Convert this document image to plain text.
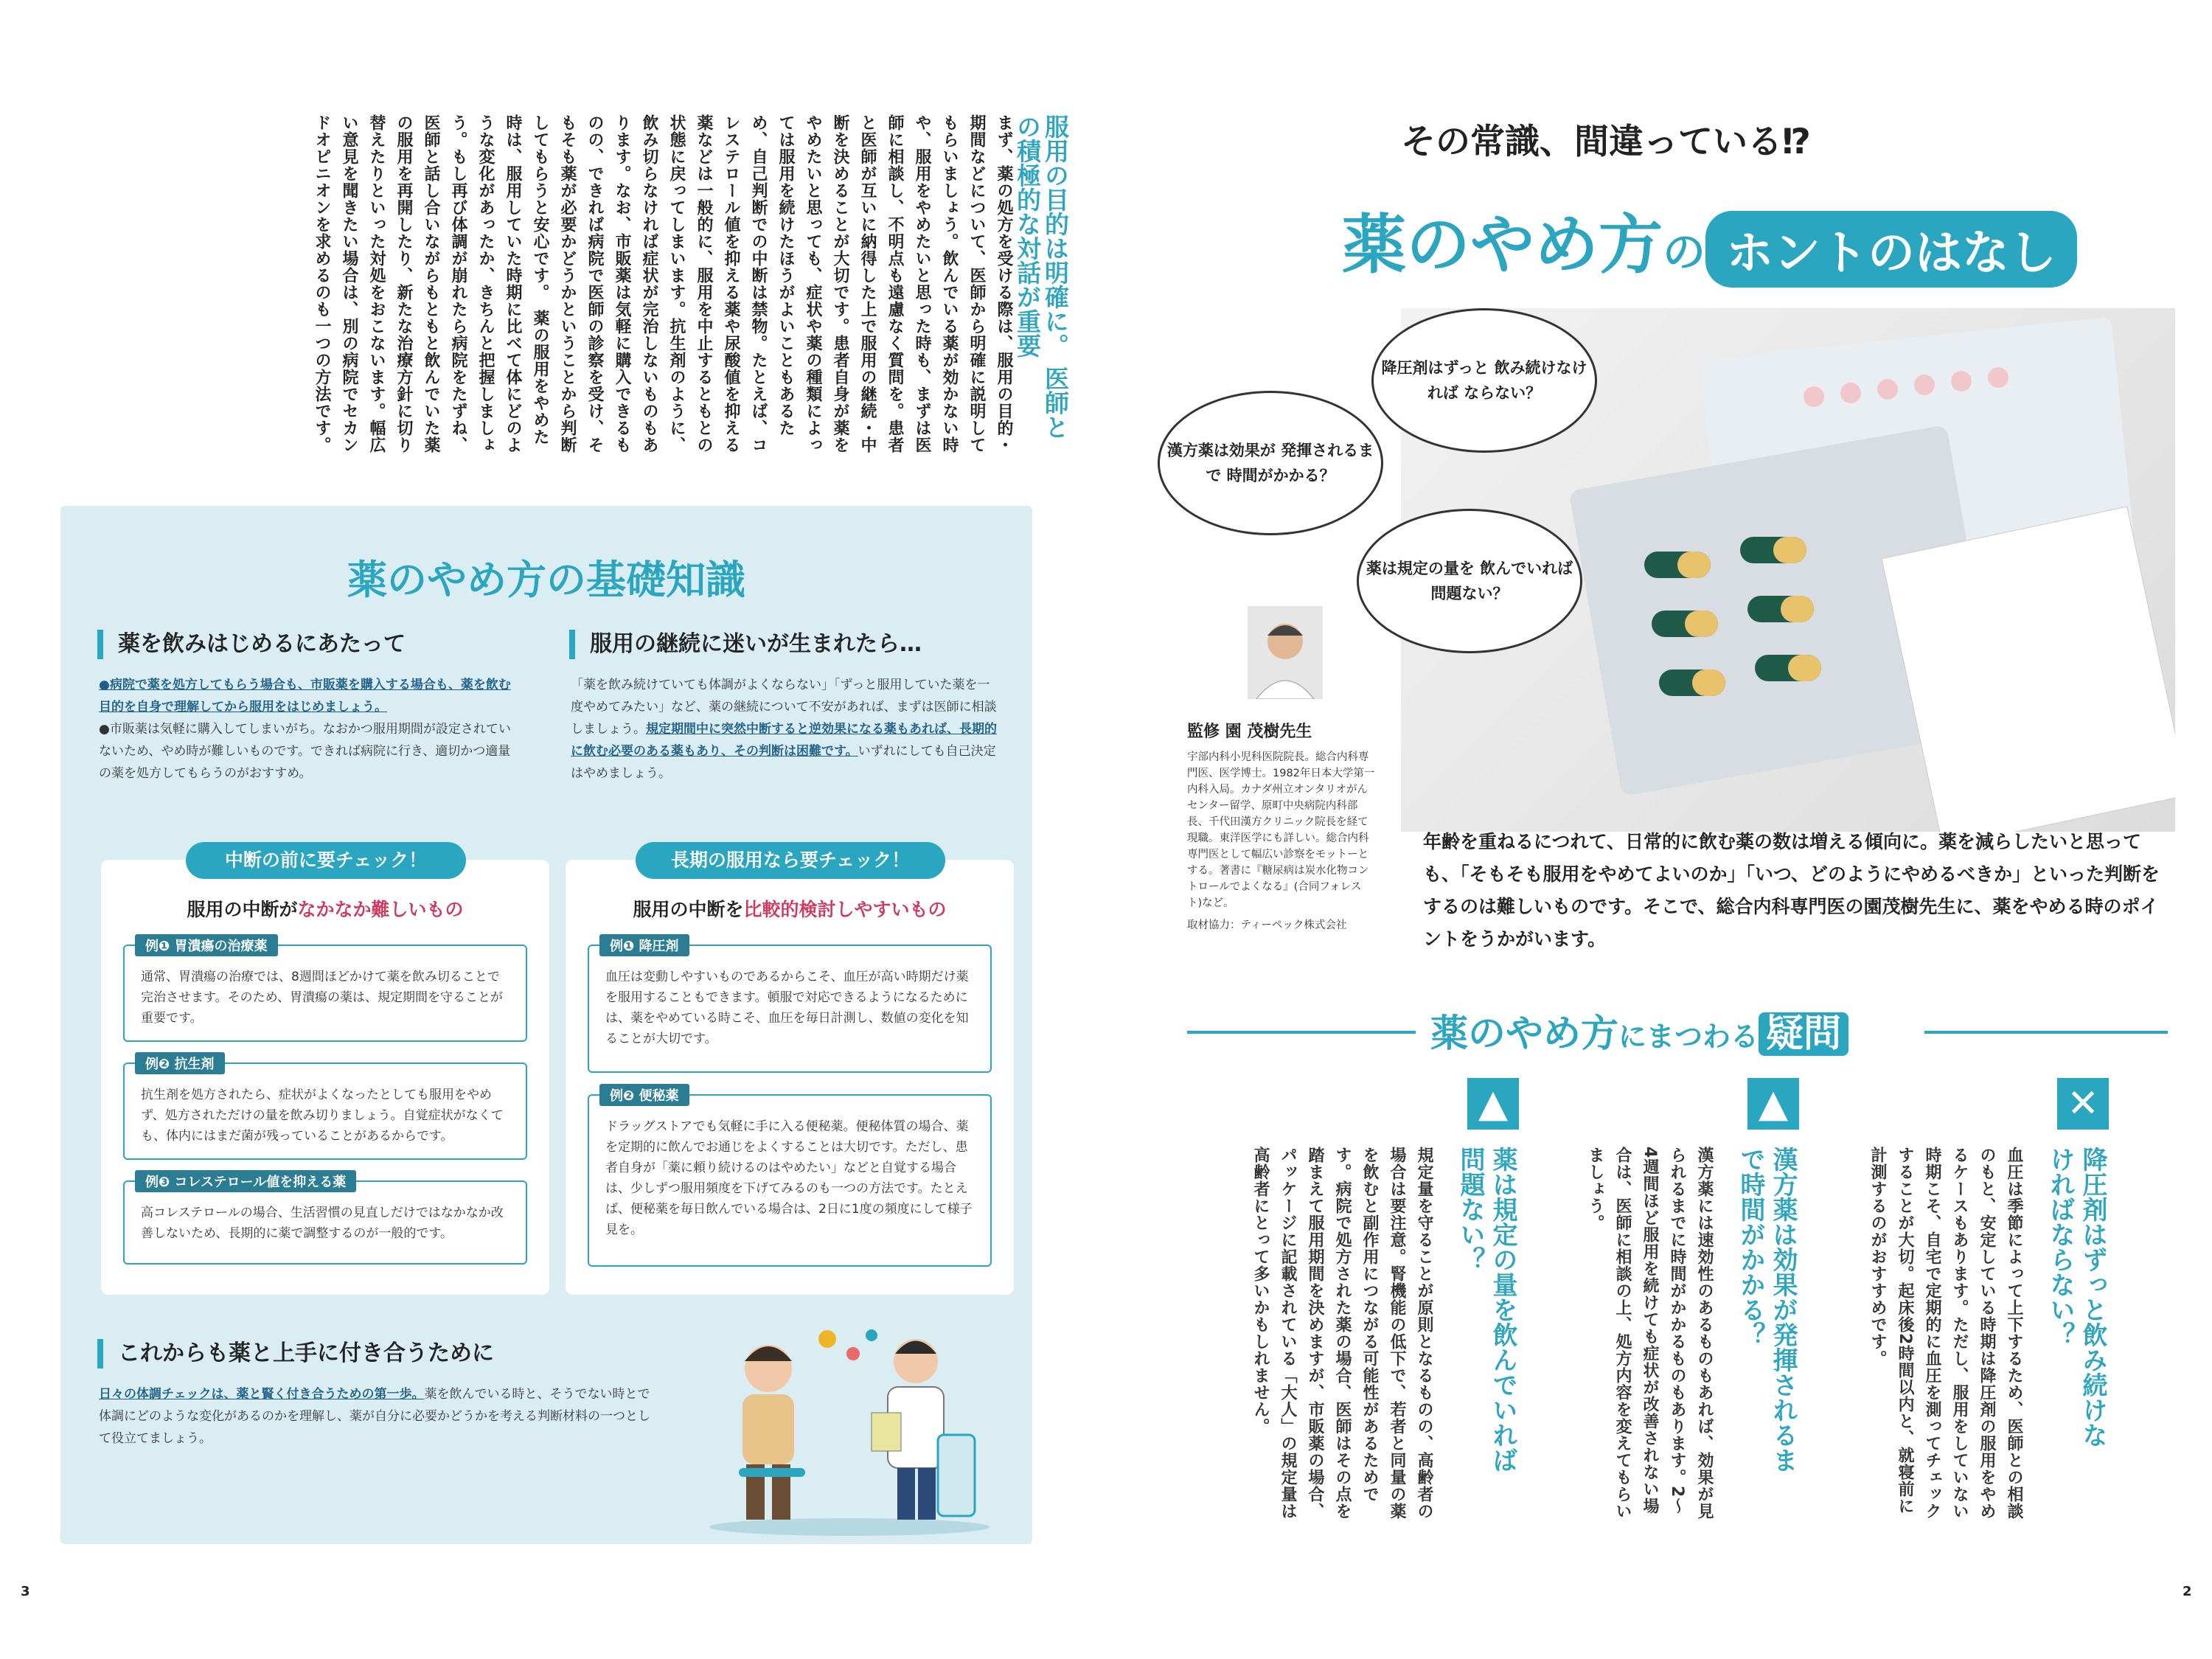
服用の目的は明確に。 医師との積極的な対話が重要
まず、薬の処方を受ける際は、服用の目的・期間などについて、医師から明確に説明してもらいましょう。飲んでいる薬が効かない時や、服用をやめたいと思った時も、まずは医師に相談し、不明点も遠慮なく質問を。患者と医師が互いに納得した上で服用の継続・中断を決めることが大切です。患者自身が薬をやめたいと思っても、症状や薬の種類によっては服用を続けたほうがよいこともあるため、自己判断での中断は禁物。たとえば、コレステロール値を抑える薬や尿酸値を抑える薬などは一般的に、服用を中止するともとの状態に戻ってしまいます。抗生剤のように、飲み切らなければ症状が完治しないものもあります。なお、市販薬は気軽に購入できるものの、できれば病院で医師の診察を受け、そもそも薬が必要かどうかということから判断してもらうと安心です。　薬の服用をやめた時は、服用していた時期に比べて体にどのような変化があったか、きちんと把握しましょう。もし再び体調が崩れたら病院をたずね、医師と話し合いながらもともと飲んでいた薬の服用を再開したり、新たな治療方針に切り替えたりといった対処をおこないます。幅広い意見を聞きたい場合は、別の病院でセカンドオピニオンを求めるのも一つの方法です。
薬のやめ方の基礎知識
薬を飲みはじめるにあたって
●病院で薬を処方してもらう場合も、市販薬を購入する場合も、薬を飲む目的を自身で理解してから服用をはじめましょう。
●市販薬は気軽に購入してしまいがち。なおかつ服用期間が設定されていないため、やめ時が難しいものです。できれば病院に行き、適切かつ適量の薬を処方してもらうのがおすすめ。
服用の継続に迷いが生まれたら…
「薬を飲み続けていても体調がよくならない」「ずっと服用していた薬を一度やめてみたい」など、薬の継続について不安があれば、まずは医師に相談しましょう。規定期間中に突然中断すると逆効果になる薬もあれば、長期的に飲む必要のある薬もあり、その判断は困難です。いずれにしても自己決定はやめましょう。
中断の前に要チェック！
服用の中断がなかなか難しいもの
例❶ 胃潰瘍の治療薬
通常、胃潰瘍の治療では、8週間ほどかけて薬を飲み切ることで完治させます。そのため、胃潰瘍の薬は、規定期間を守ることが重要です。
例❷ 抗生剤
抗生剤を処方されたら、症状がよくなったとしても服用をやめず、処方されただけの量を飲み切りましょう。自覚症状がなくても、体内にはまだ菌が残っていることがあるからです。
例❸ コレステロール値を抑える薬
高コレステロールの場合、生活習慣の見直しだけではなかなか改善しないため、長期的に薬で調整するのが一般的です。
長期の服用なら要チェック！
服用の中断を比較的検討しやすいもの
例❶ 降圧剤
血圧は変動しやすいものであるからこそ、血圧が高い時期だけ薬を服用することもできます。頓服で対応できるようになるためには、薬をやめている時こそ、血圧を毎日計測し、数値の変化を知ることが大切です。
例❷ 便秘薬
ドラッグストアでも気軽に手に入る便秘薬。便秘体質の場合、薬を定期的に飲んでお通じをよくすることは大切です。ただし、患者自身が「薬に頼り続けるのはやめたい」などと自覚する場合は、少しずつ服用頻度を下げてみるのも一つの方法です。たとえば、便秘薬を毎日飲んでいる場合は、2日に1度の頻度にして様子見を。
これからも薬と上手に付き合うために
日々の体調チェックは、薬と賢く付き合うための第一歩。薬を飲んでいる時と、そうでない時とで体調にどのような変化があるのかを理解し、薬が自分に必要かどうかを考える判断材料の一つとして役立てましょう。
3
その常識、間違っている⁉
薬のやめ方の ホントのはなし
降圧剤はずっと 飲み続けなければ ならない？
漢方薬は効果が 発揮されるまで 時間がかかる？
薬は規定の量を 飲んでいれば 問題ない？
監修 園 茂樹先生
宇部内科小児科医院院長。総合内科専門医、医学博士。1982年日本大学第一内科入局。カナダ州立オンタリオがんセンター留学、原町中央病院内科部長、千代田漢方クリニック院長を経て現職。東洋医学にも詳しい。総合内科専門医として幅広い診察をモットーとする。著書に『糖尿病は炭水化物コントロールでよくなる』(合同フォレスト)など。
取材協力：ティーペック株式会社
年齢を重ねるにつれて、日常的に飲む薬の数は増える傾向に。薬を減らしたいと思っても、「そもそも服用をやめてよいのか」「いつ、どのようにやめるべきか」といった判断をするのは難しいものです。そこで、総合内科専門医の園茂樹先生に、薬をやめる時のポイントをうかがいます。
薬のやめ方にまつわる 疑問
✕
降圧剤はずっと飲み続けなければならない？
血圧は季節によって上下するため、医師との相談のもと、安定している時期は降圧剤の服用をやめるケースもあります。ただし、服用をしていない時期こそ、自宅で定期的に血圧を測ってチェックすることが大切。起床後2時間以内と、就寝前に計測するのがおすすめです。
▲
漢方薬は効果が発揮されるまで時間がかかる？
漢方薬には速効性のあるものもあれば、効果が見られるまでに時間がかかるものもあります。2〜4週間ほど服用を続けても症状が改善されない場合は、医師に相談の上、処方内容を変えてもらいましょう。
▲
薬は規定の量を飲んでいれば問題ない？
規定量を守ることが原則となるものの、高齢者の場合は要注意。腎機能の低下で、若者と同量の薬を飲むと副作用につながる可能性があるためです。病院で処方された薬の場合、医師はその点を踏まえて服用期間を決めますが、市販薬の場合、パッケージに記載されている「大人」の規定量は高齢者にとって多いかもしれません。
2
